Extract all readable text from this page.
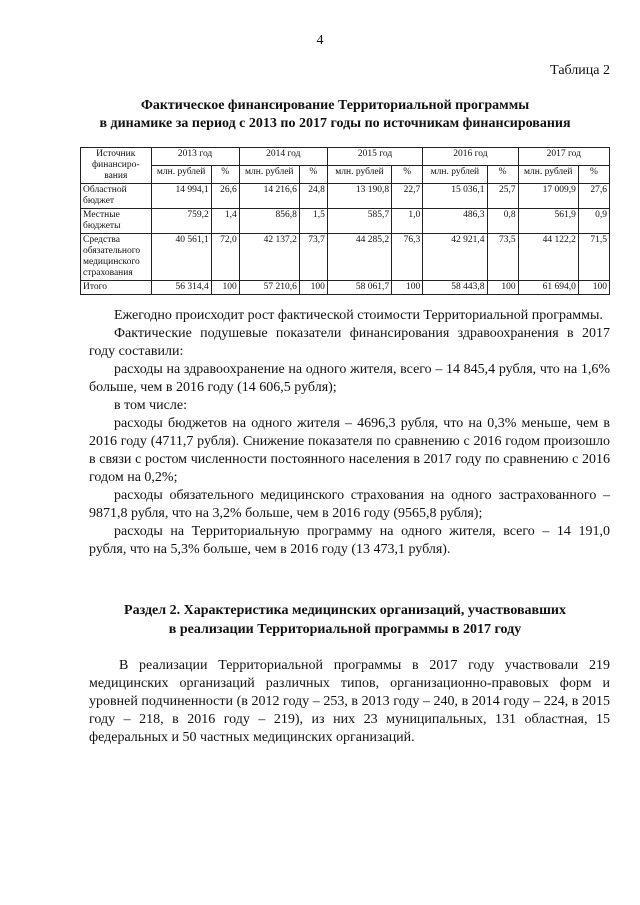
4
Таблица 2
Фактическое финансирование Территориальной программы
в динамике за период с 2013 по 2017 годы по источникам финансирования
Источник финансиро-вания	2013 год		2014 год		2015 год		2016 год		2017 год	
	млн. рублей	%	млн. рублей	%	млн. рублей	%	млн. рублей	%	млн. рублей	%
Областной бюджет	14 994,1	26,6	14 216,6	24,8	13 190,8	22,7	15 036,1	25,7	17 009,9	27,6
Местные бюджеты	759,2	1,4	856,8	1,5	585,7	1,0	486,3	0,8	561,9	0,9
Средства обязательного медицинского страхования	40 561,1	72,0	42 137,2	73,7	44 285,2	76,3	42 921,4	73,5	44 122,2	71,5
Итого	56 314,4	100	57 210,6	100	58 061,7	100	58 443,8	100	61 694,0	100

Ежегодно происходит рост фактической стоимости Территориальной программы.

Фактические подушевые показатели финансирования здравоохранения в 2017 году составили:

расходы на здравоохранение на одного жителя, всего – 14 845,4 рубля, что на 1,6% больше, чем в 2016 году (14 606,5 рубля);

в том числе:

расходы бюджетов на одного жителя – 4696,3 рубля, что на 0,3% меньше, чем в 2016 году (4711,7 рубля). Снижение показателя по сравнению с 2016 годом произошло в связи с ростом численности постоянного населения в 2017 году по сравнению с 2016 годом на 0,2%;

расходы обязательного медицинского страхования на одного застрахованного – 9871,8 рубля, что на 3,2% больше, чем в 2016 году (9565,8 рубля);

расходы на Территориальную программу на одного жителя, всего – 14 191,0 рубля, что на 5,3% больше, чем в 2016 году (13 473,1 рубля).

Раздел 2. Характеристика медицинских организаций, участвовавших
в реализации Территориальной программы в 2017 году

В реализации Территориальной программы в 2017 году участвовали 219 медицинских организаций различных типов, организационно-правовых форм и уровней подчиненности (в 2012 году – 253, в 2013 году – 240, в 2014 году – 224, в 2015 году – 218, в 2016 году – 219), из них 23 муниципальных, 131 областная, 15 федеральных и 50 частных медицинских организаций.
